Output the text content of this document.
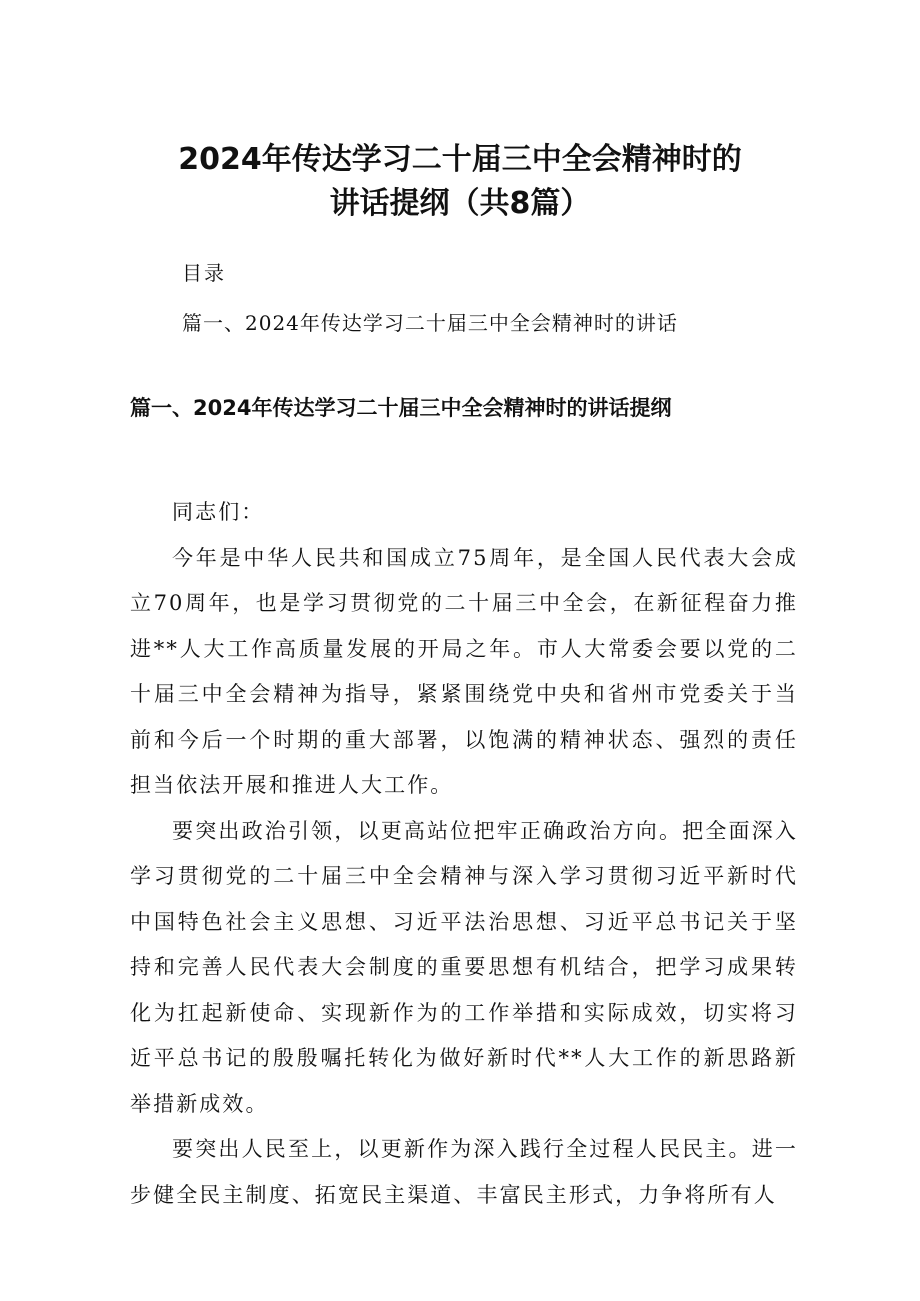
2024年传达学习二十届三中全会精神时的
讲话提纲（共8篇）
目录
篇一、2024年传达学习二十届三中全会精神时的讲话
篇一、2024年传达学习二十届三中全会精神时的讲话提纲

同志们：

今年是中华人民共和国成立75周年，是全国人民代表大会成立70周年，也是学习贯彻党的二十届三中全会，在新征程奋力推进**人大工作高质量发展的开局之年。市人大常委会要以党的二十届三中全会精神为指导，紧紧围绕党中央和省州市党委关于当前和今后一个时期的重大部署，以饱满的精神状态、强烈的责任担当依法开展和推进人大工作。

要突出政治引领，以更高站位把牢正确政治方向。把全面深入学习贯彻党的二十届三中全会精神与深入学习贯彻习近平新时代中国特色社会主义思想、习近平法治思想、习近平总书记关于坚持和完善人民代表大会制度的重要思想有机结合，把学习成果转化为扛起新使命、实现新作为的工作举措和实际成效，切实将习近平总书记的殷殷嘱托转化为做好新时代**人大工作的新思路新举措新成效。

要突出人民至上，以更新作为深入践行全过程人民民主。进一步健全民主制度、拓宽民主渠道、丰富民主形式，力争将所有人
